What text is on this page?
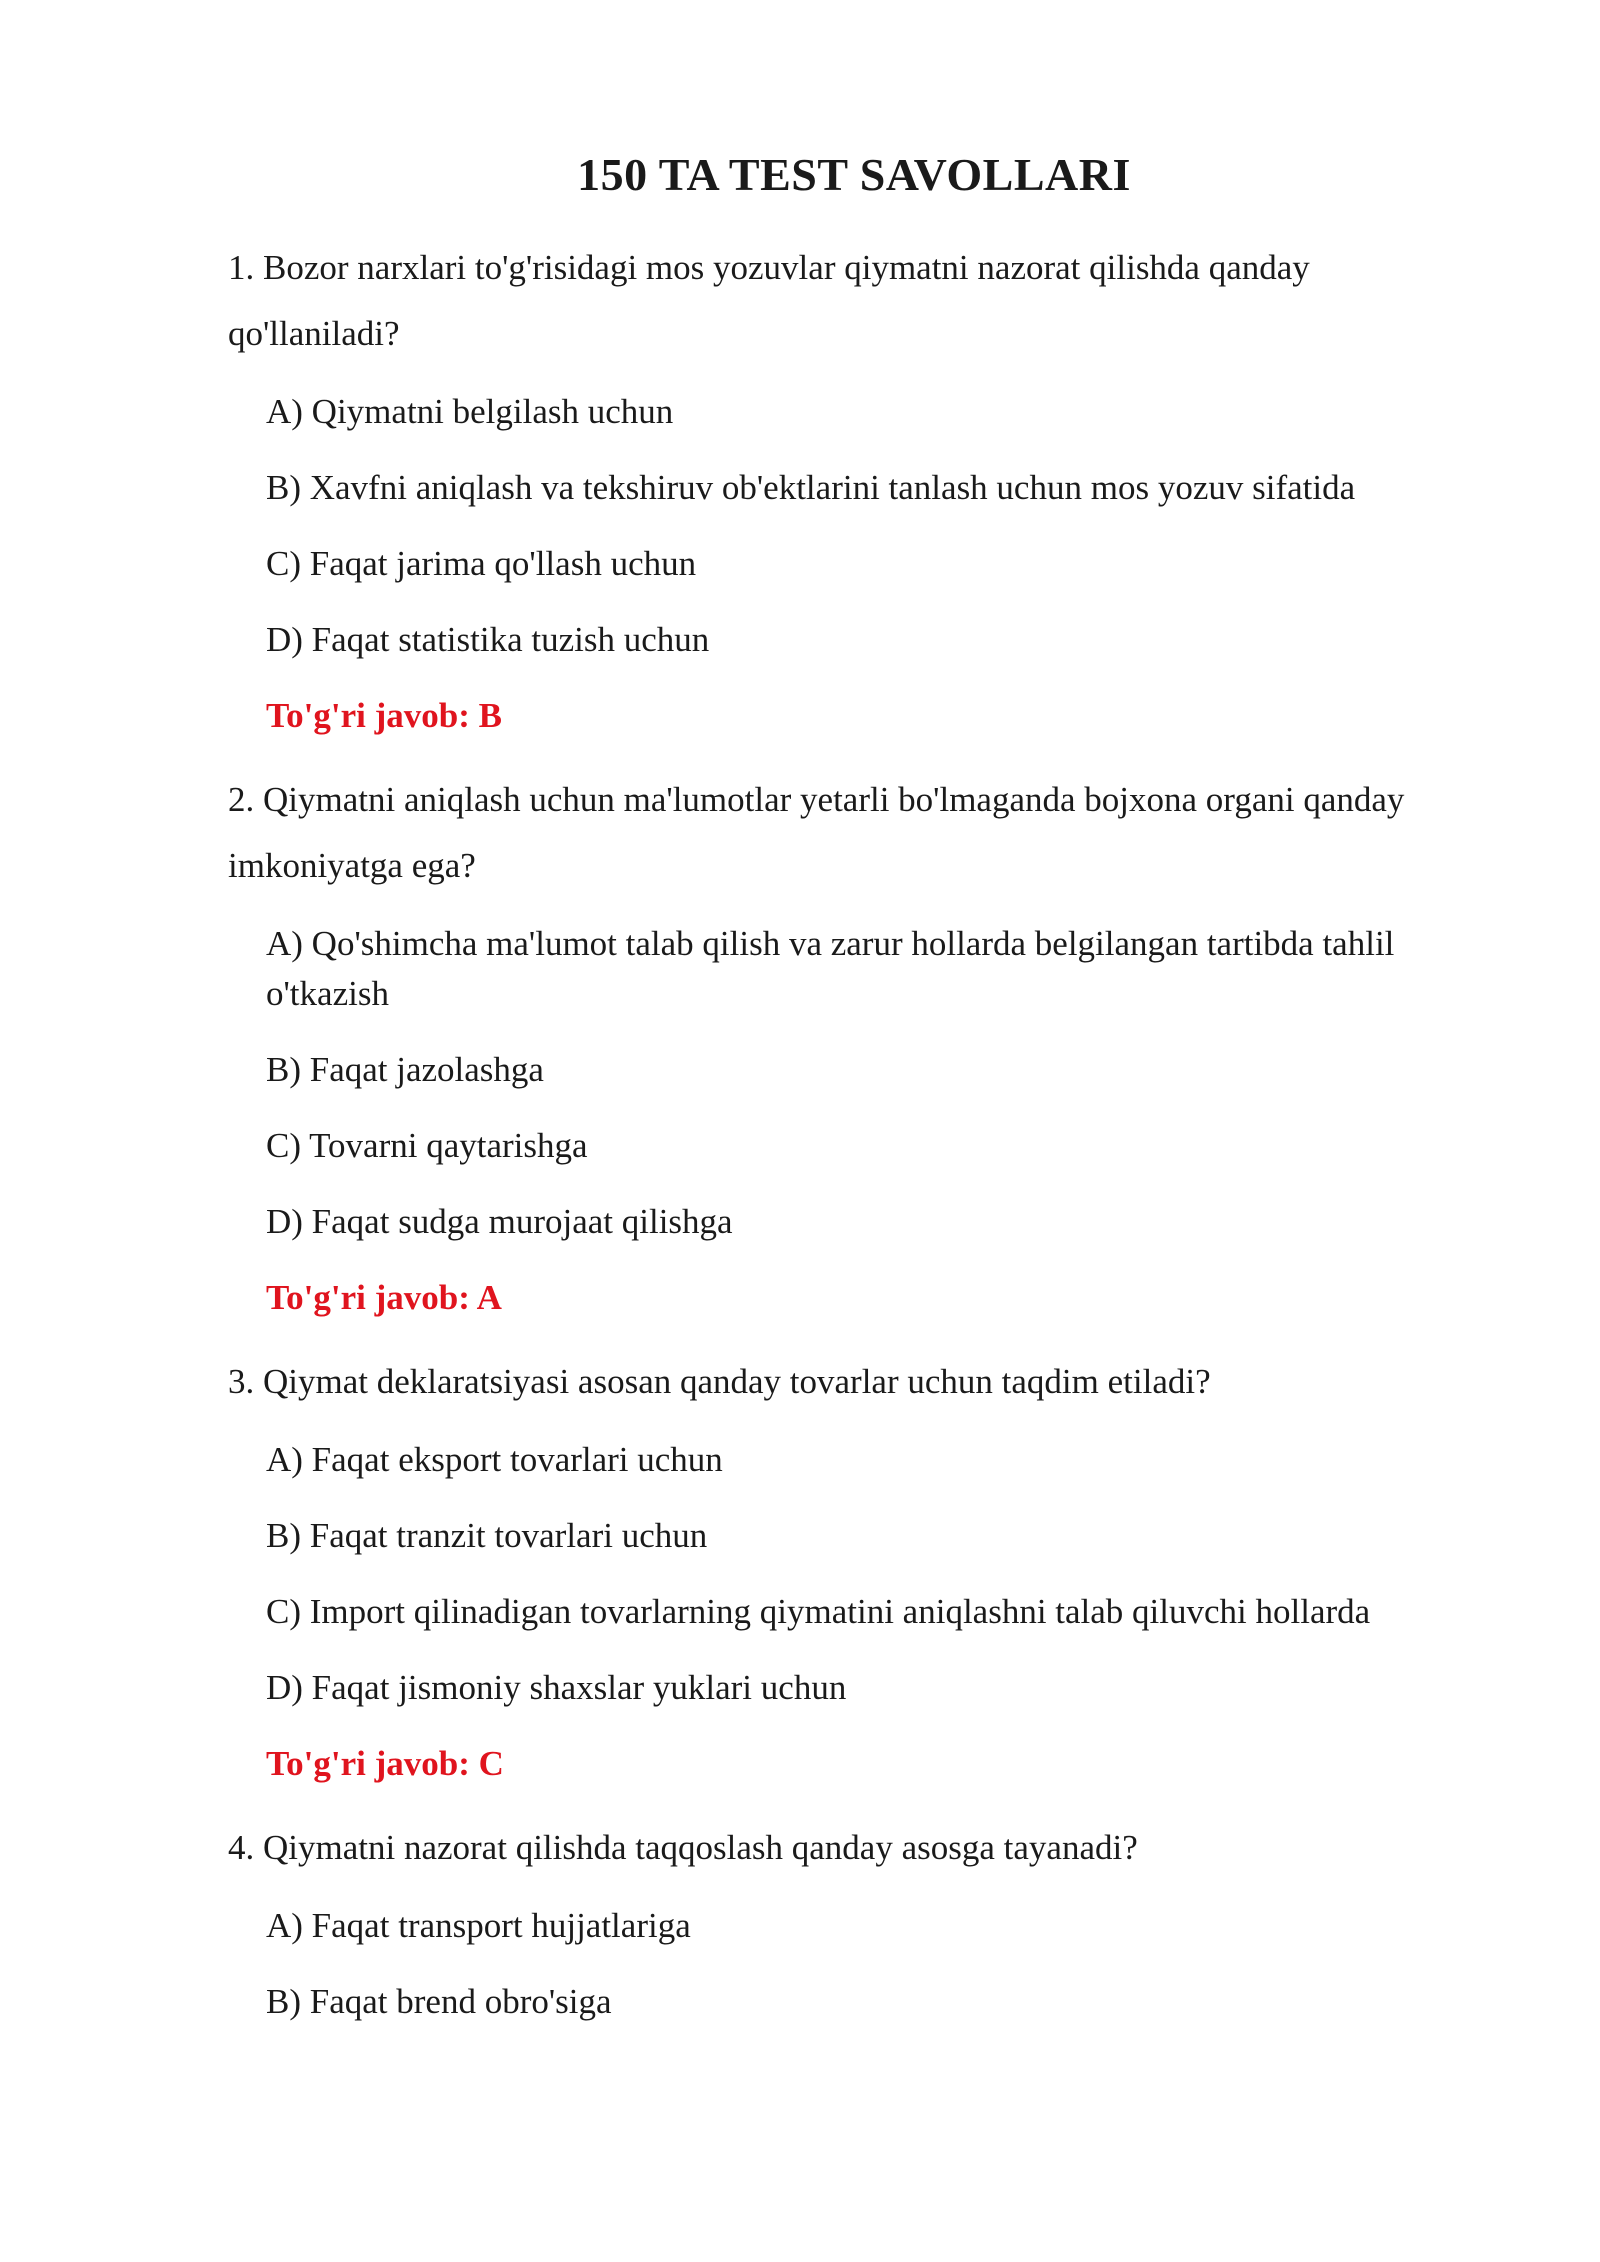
150 TA TEST SAVOLLARI
1. Bozor narxlari to'g'risidagi mos yozuvlar qiymatni nazorat qilishda qanday qo'llaniladi?
A) Qiymatni belgilash uchun
B) Xavfni aniqlash va tekshiruv ob'ektlarini tanlash uchun mos yozuv sifatida
C) Faqat jarima qo'llash uchun
D) Faqat statistika tuzish uchun
To'g'ri javob: B
2. Qiymatni aniqlash uchun ma'lumotlar yetarli bo'lmaganda bojxona organi qanday imkoniyatga ega?
A) Qo'shimcha ma'lumot talab qilish va zarur hollarda belgilangan tartibda tahlil o'tkazish
B) Faqat jazolashga
C) Tovarni qaytarishga
D) Faqat sudga murojaat qilishga
To'g'ri javob: A
3. Qiymat deklaratsiyasi asosan qanday tovarlar uchun taqdim etiladi?
A) Faqat eksport tovarlari uchun
B) Faqat tranzit tovarlari uchun
C) Import qilinadigan tovarlarning qiymatini aniqlashni talab qiluvchi hollarda
D) Faqat jismoniy shaxslar yuklari uchun
To'g'ri javob: C
4. Qiymatni nazorat qilishda taqqoslash qanday asosga tayanadi?
A) Faqat transport hujjatlariga
B) Faqat brend obro'siga
